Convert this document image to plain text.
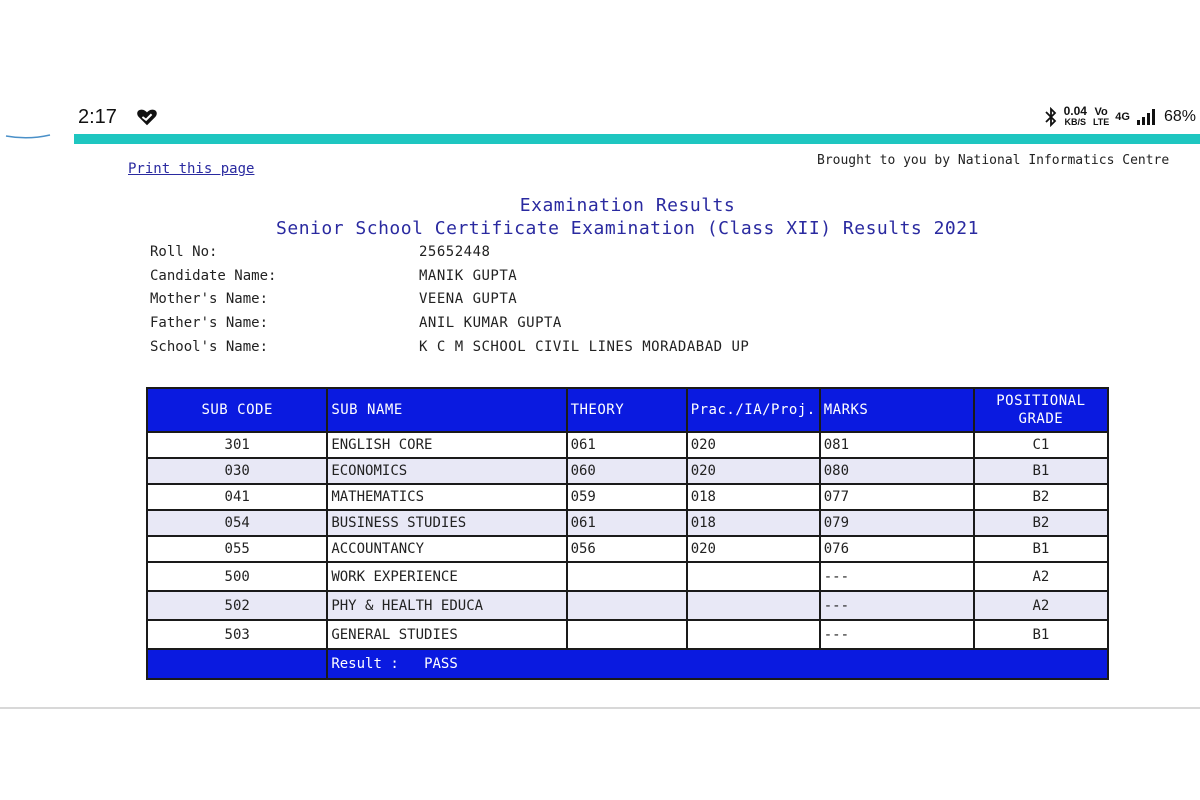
2:17	0.04
KB/S
Vo
LTE 4G 68%
Print this page
Brought to you by National Informatics Centre
Examination Results
Senior School Certificate Examination (Class XII) Results 2021
Roll No:	25652448
Candidate Name:	MANIK GUPTA
Mother's Name:	VEENA GUPTA
Father's Name:	ANIL KUMAR GUPTA
School's Name:	K C M SCHOOL CIVIL LINES MORADABAD UP
SUB CODE	SUB NAME	THEORY	Prac./IA/Proj.	MARKS	POSITIONAL
GRADE
301	ENGLISH CORE	061	020	081	C1
030	ECONOMICS	060	020	080	B1
041	MATHEMATICS	059	018	077	B2
054	BUSINESS STUDIES	061	018	079	B2
055	ACCOUNTANCY	056	020	076	B1
500	WORK EXPERIENCE			---	A2
502	PHY & HEALTH EDUCA			---	A2
503	GENERAL STUDIES			---	B1
	Result : PASS				
